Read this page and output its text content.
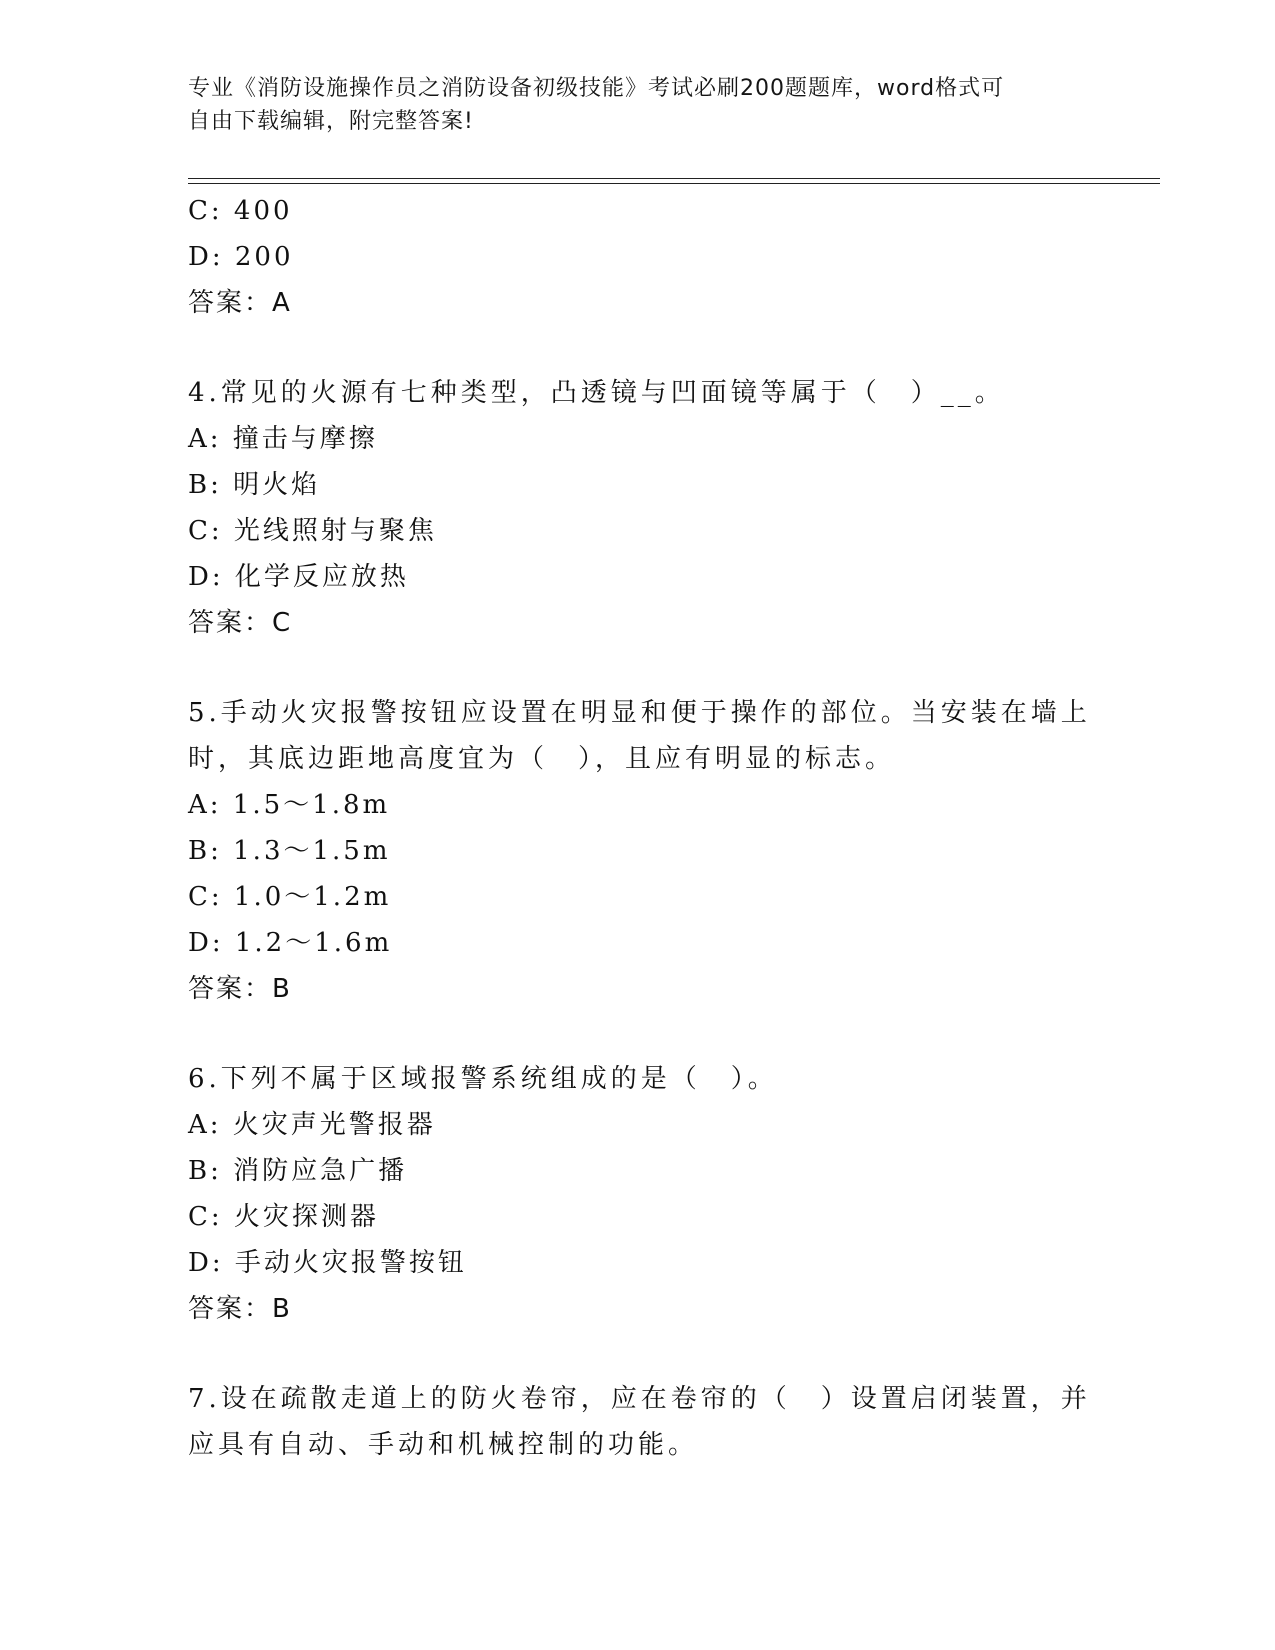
专业《消防设施操作员之消防设备初级技能》考试必刷200题题库，word格式可
自由下载编辑，附完整答案!
C: 400
D: 200
答案：A
4.常见的火源有七种类型，凸透镜与凹面镜等属于（　）__。
A: 撞击与摩擦
B: 明火焰
C: 光线照射与聚焦
D: 化学反应放热
答案：C
5.手动火灾报警按钮应设置在明显和便于操作的部位。当安装在墙上
时，其底边距地高度宜为（　），且应有明显的标志。
A: 1.5～1.8m
B: 1.3～1.5m
C: 1.0～1.2m
D: 1.2～1.6m
答案：B
6.下列不属于区域报警系统组成的是（　）。
A: 火灾声光警报器
B: 消防应急广播
C: 火灾探测器
D: 手动火灾报警按钮
答案：B
7.设在疏散走道上的防火卷帘，应在卷帘的（　）设置启闭装置，并
应具有自动、手动和机械控制的功能。
